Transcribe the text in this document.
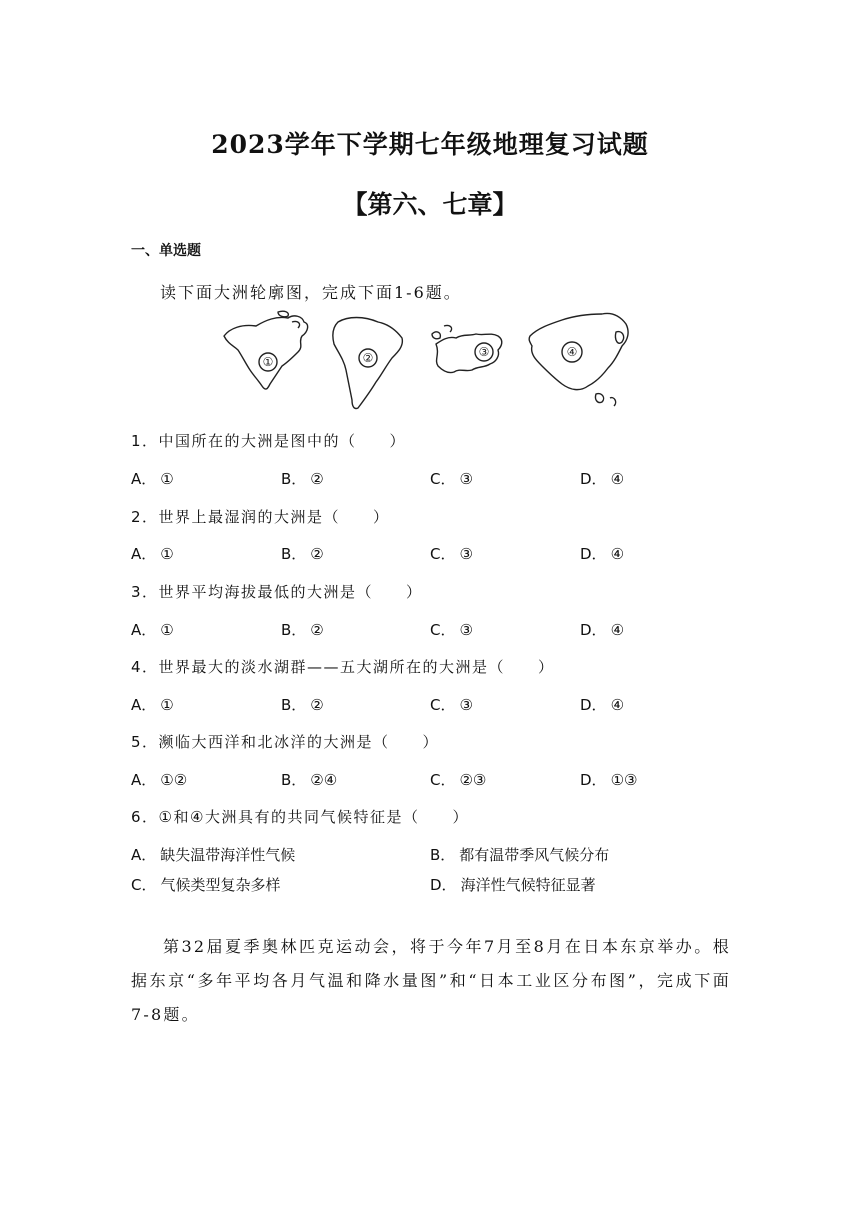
2023学年下学期七年级地理复习试题
【第六、七章】
一、单选题
读下面大洲轮廓图，完成下面1-6题。
①	②	③	④
1．中国所在的大洲是图中的（　　）
A． ①	B． ②	C． ③	D． ④
2．世界上最湿润的大洲是（　　）
A． ①	B． ②	C． ③	D． ④
3．世界平均海拔最低的大洲是（　　）
A． ①	B． ②	C． ③	D． ④
4．世界最大的淡水湖群——五大湖所在的大洲是（　　）
A． ①	B． ②	C． ③	D． ④
5．濒临大西洋和北冰洋的大洲是（　　）
A． ①②	B． ②④	C． ②③	D． ①③
6．①和④大洲具有的共同气候特征是（　　）
A． 缺失温带海洋性气候	B． 都有温带季风气候分布
C． 气候类型复杂多样	D． 海洋性气候特征显著
第32届夏季奥林匹克运动会，将于今年7月至8月在日本东京举办。根据东京“多年平均各月气温和降水量图”和“日本工业区分布图”，完成下面7-8题。
